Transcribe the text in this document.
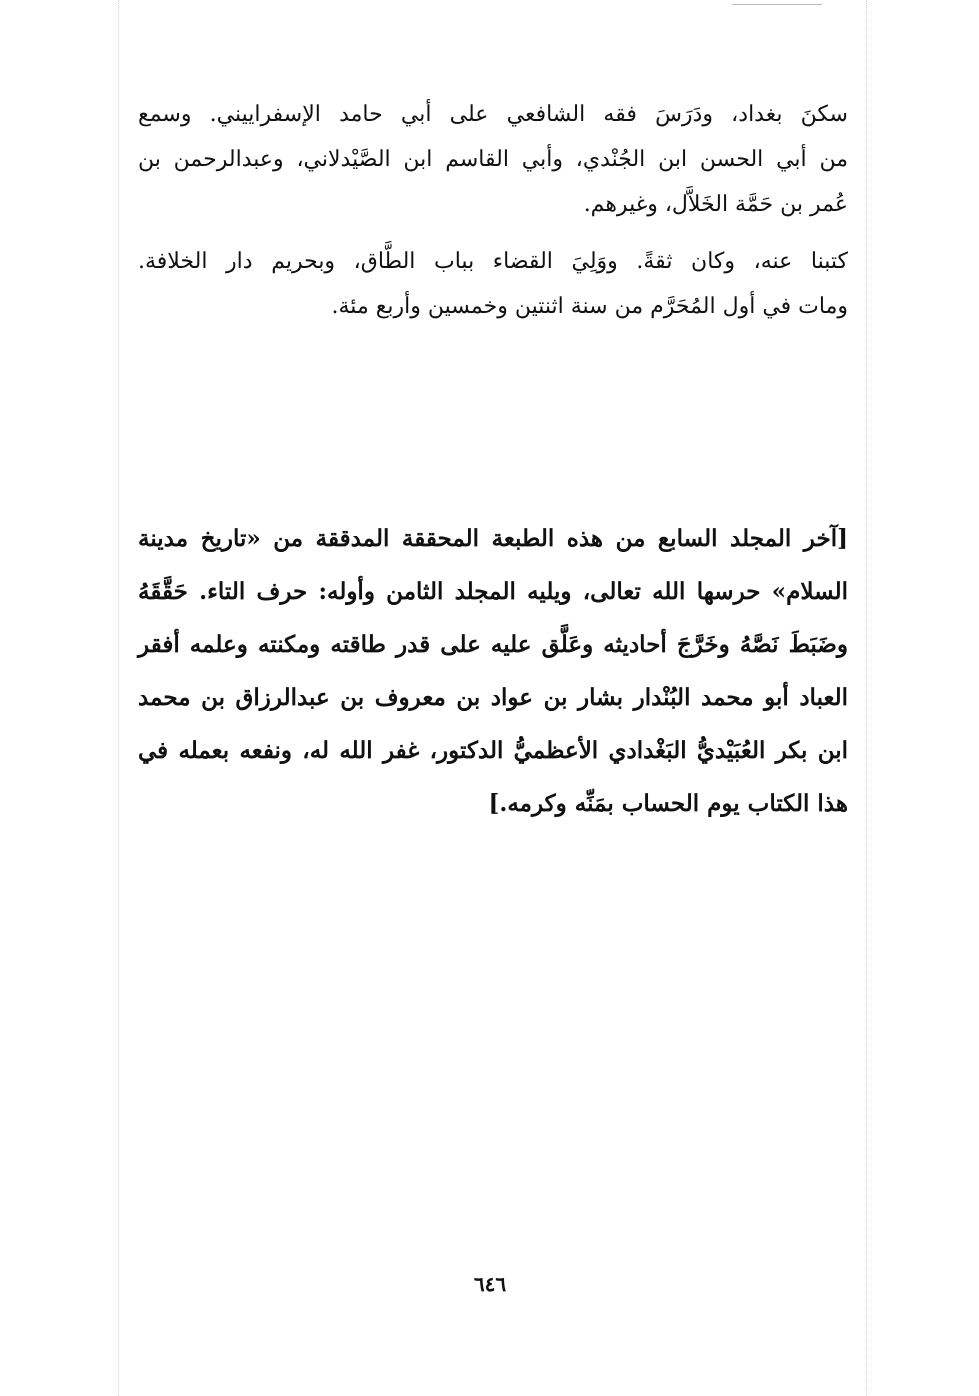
سكنَ بغداد، ودَرَسَ فقه الشافعي على أبي حامد الإسفراييني. وسمع

من أبي الحسن ابن الجُنْدي، وأبي القاسم ابن الصَّيْدلاني، وعبدالرحمن بن

عُمر بن حَمَّة الخَلاَّل، وغيرهم.

كتبنا عنه، وكان ثقةً. ووَلِيَ القضاء بباب الطَّاق، وبحريم دار الخلافة.

ومات في أول المُحَرَّم من سنة اثنتين وخمسين وأربع مئة.

[آخر المجلد السابع من هذه الطبعة المحققة المدققة من «تاريخ مدينة

السلام» حرسها الله تعالى، ويليه المجلد الثامن وأوله: حرف التاء. حَقَّقَهُ

وضَبَطَ نَصَّهُ وخَرَّجَ أحاديثه وعَلَّق عليه على قدر طاقته ومكنته وعلمه أفقر

العباد أبو محمد البُنْدار بشار بن عواد بن معروف بن عبدالرزاق بن محمد

ابن بكر العُبَيْديُّ البَغْدادي الأعظميُّ الدكتور، غفر الله له، ونفعه بعمله في

هذا الكتاب يوم الحساب بمَنِّه وكرمه.]

٦٤٦
